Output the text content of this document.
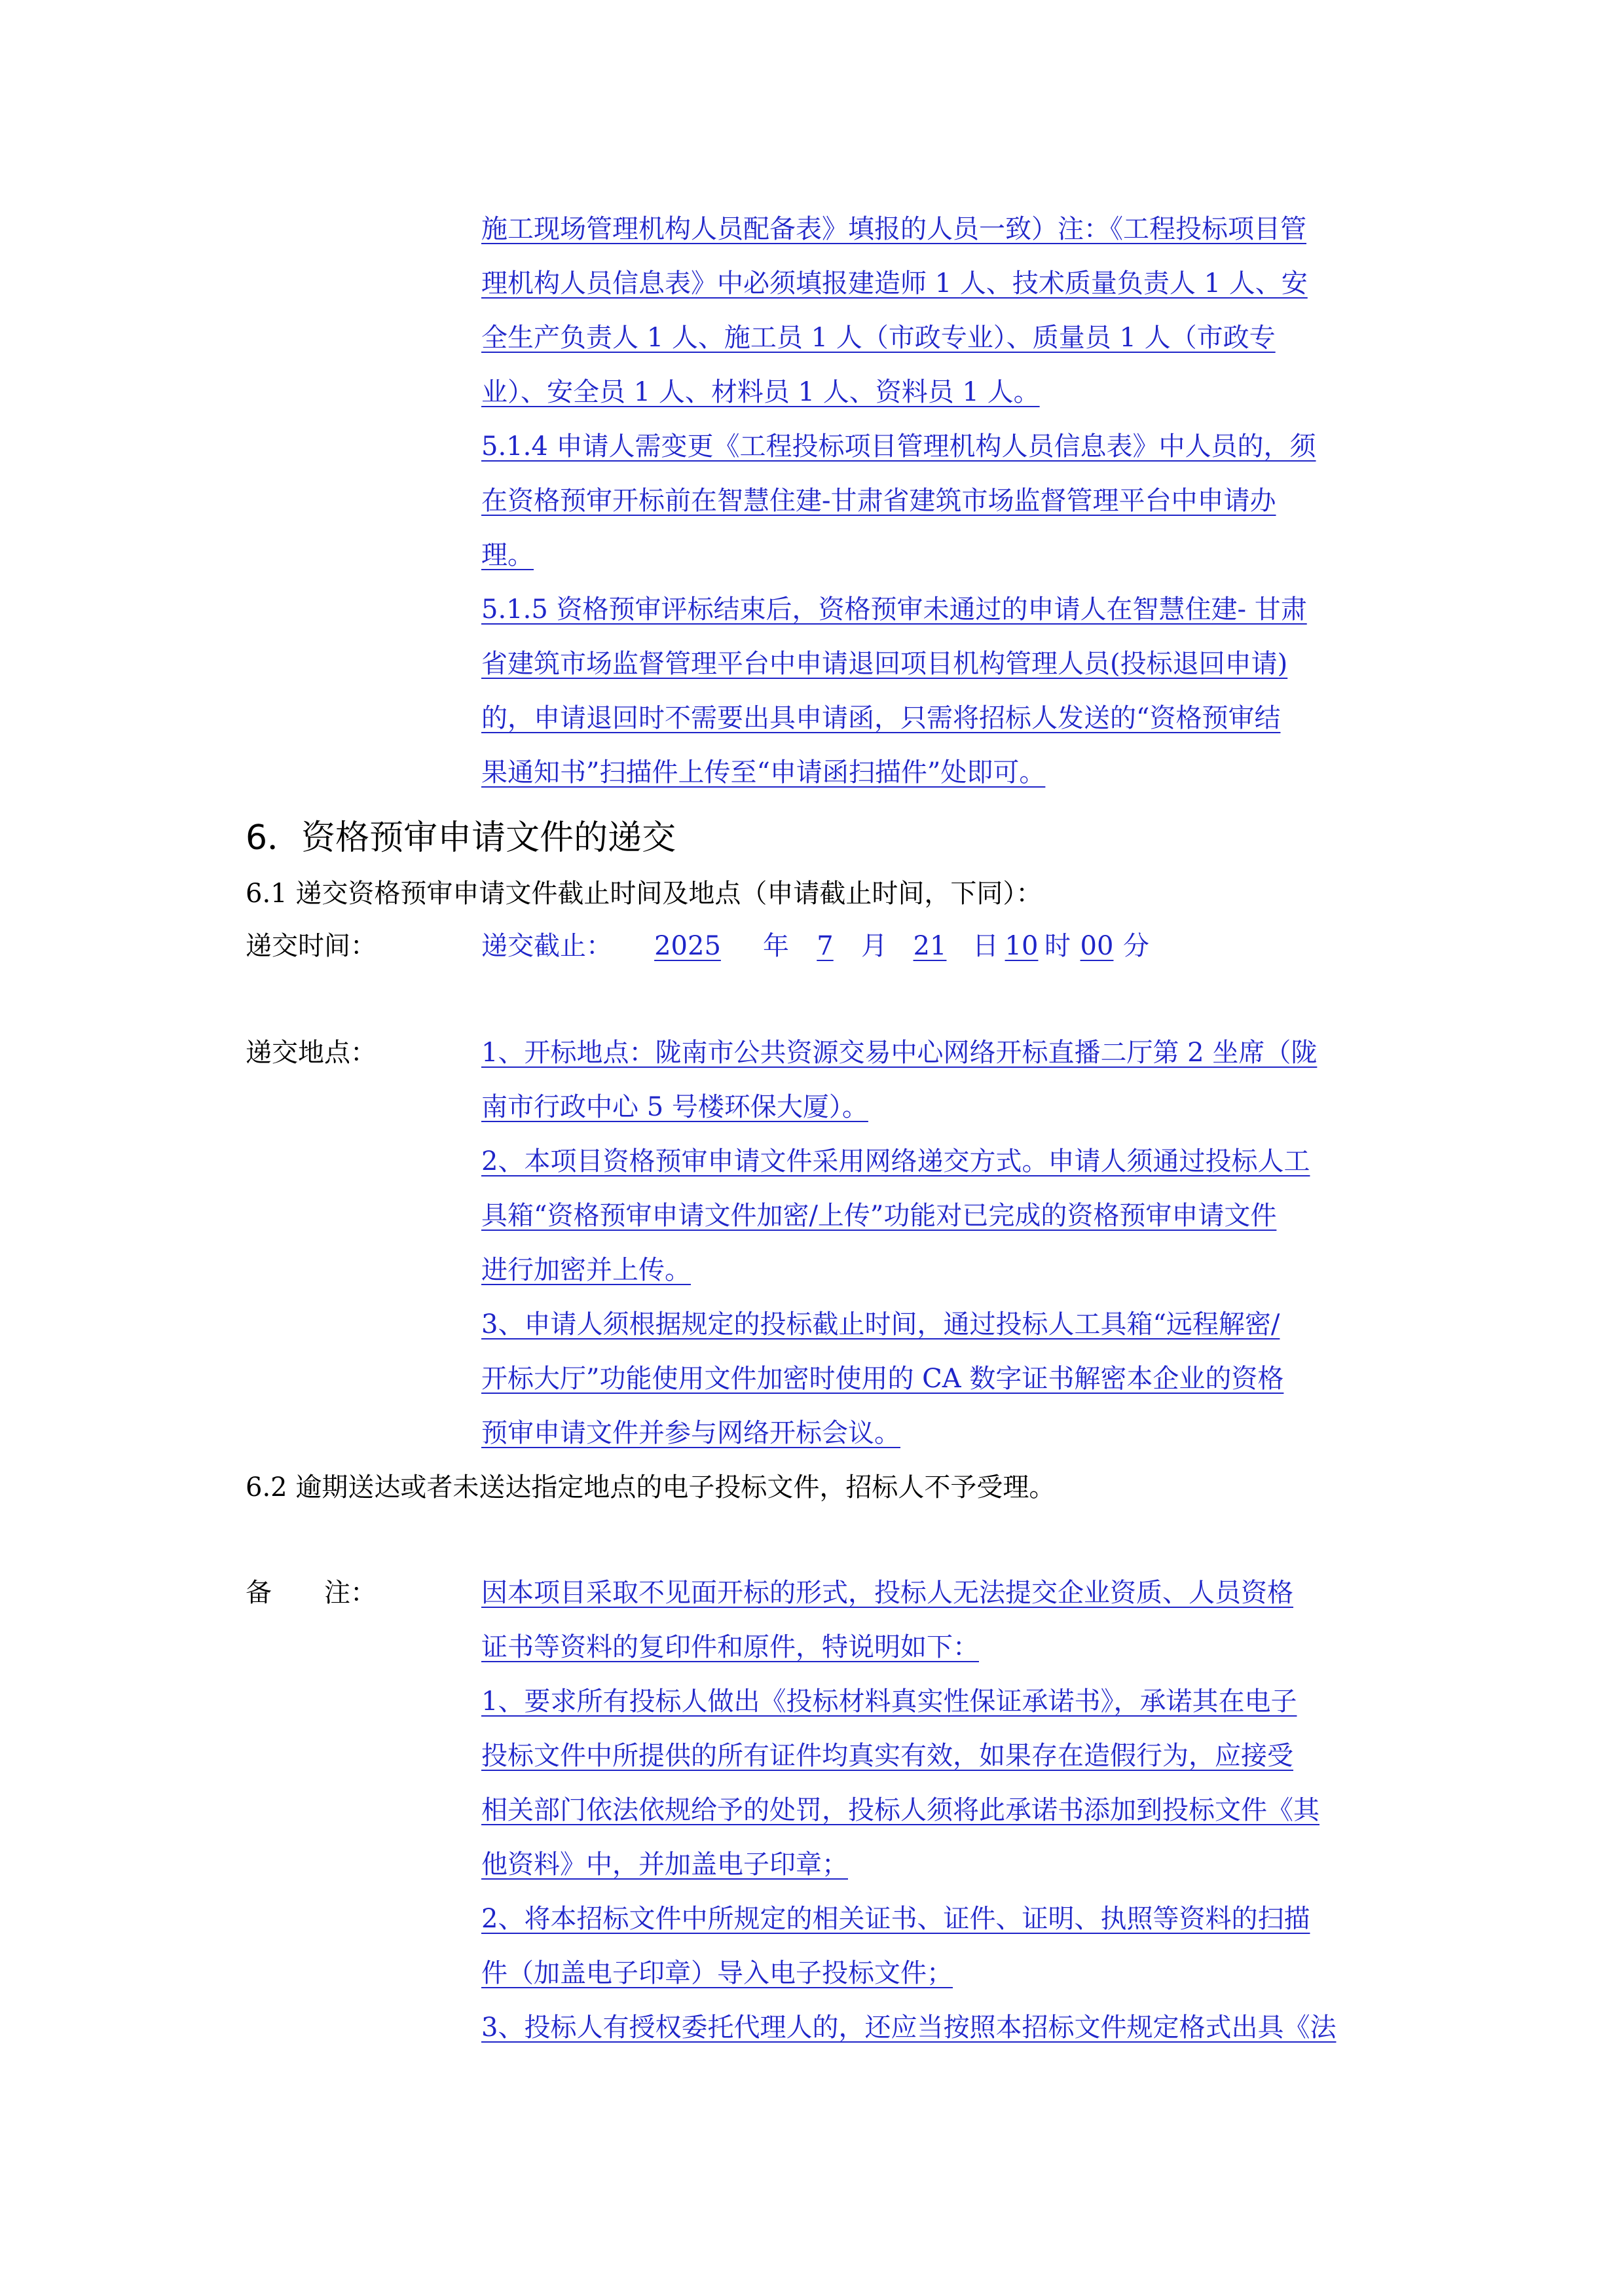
施工现场管理机构人员配备表》填报的人员一致）注：《工程投标项目管
理机构人员信息表》中必须填报建造师 1 人、技术质量负责人 1 人、安
全生产负责人 1 人、施工员 1 人（市政专业）、质量员 1 人（市政专
业）、安全员 1 人、材料员 1 人、资料员 1 人。
5.1.4 申请人需变更《工程投标项目管理机构人员信息表》中人员的，须
在资格预审开标前在智慧住建-甘肃省建筑市场监督管理平台中申请办
理。
5.1.5 资格预审评标结束后，资格预审未通过的申请人在智慧住建- 甘肃
省建筑市场监督管理平台中申请退回项目机构管理人员(投标退回申请)
的，申请退回时不需要出具申请函，只需将招标人发送的“资格预审结
果通知书”扫描件上传至“申请函扫描件”处即可。
6．资格预审申请文件的递交
6.1 递交资格预审申请文件截止时间及地点（申请截止时间，下同）：
递交时间：	递交截止： 2025 年 7 月 21 日 10 时 00 分
递交地点：	1、开标地点：陇南市公共资源交易中心网络开标直播二厅第 2 坐席（陇
南市行政中心 5 号楼环保大厦）。
2、本项目资格预审申请文件采用网络递交方式。申请人须通过投标人工
具箱“资格预审申请文件加密/上传”功能对已完成的资格预审申请文件
进行加密并上传。
3、申请人须根据规定的投标截止时间，通过投标人工具箱“远程解密/
开标大厅”功能使用文件加密时使用的 CA 数字证书解密本企业的资格
预审申请文件并参与网络开标会议。
6.2 逾期送达或者未送达指定地点的电子投标文件，招标人不予受理。
备　　注：	因本项目采取不见面开标的形式，投标人无法提交企业资质、人员资格
证书等资料的复印件和原件，特说明如下：
1、要求所有投标人做出《投标材料真实性保证承诺书》，承诺其在电子
投标文件中所提供的所有证件均真实有效，如果存在造假行为，应接受
相关部门依法依规给予的处罚，投标人须将此承诺书添加到投标文件《其
他资料》中，并加盖电子印章；
2、将本招标文件中所规定的相关证书、证件、证明、执照等资料的扫描
件（加盖电子印章）导入电子投标文件；
3、投标人有授权委托代理人的，还应当按照本招标文件规定格式出具《法
